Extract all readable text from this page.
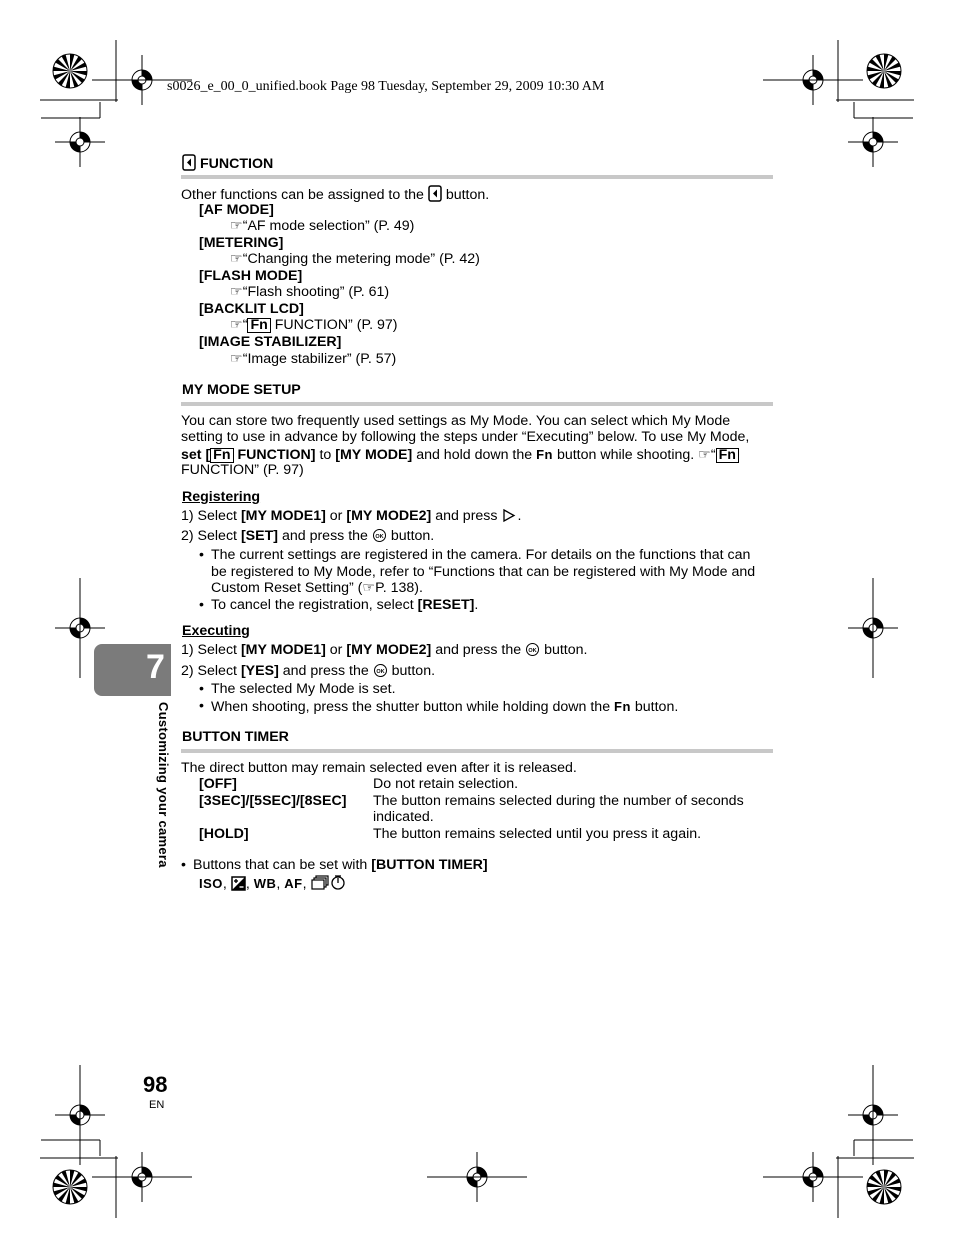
s0026_e_00_0_unified.book Page 98 Tuesday, September 29, 2009 10:30 AM
FUNCTION
Other functions can be assigned to the button.
[AF MODE]
☞“AF mode selection” (P. 49)
[METERING]
☞“Changing the metering mode” (P. 42)
[FLASH MODE]
☞“Flash shooting” (P. 61)
[BACKLIT LCD]
☞“ Fn FUNCTION” (P. 97)
[IMAGE STABILIZER]
☞“Image stabilizer” (P. 57)
MY MODE SETUP
You can store two frequently used settings as My Mode. You can select which My Mode
setting to use in advance by following the steps under “Executing” below. To use My Mode,
set [ Fn FUNCTION] to [MY MODE] and hold down the Fn button while shooting. ☞“ Fn
FUNCTION” (P. 97)
Registering
1) Select [MY MODE1] or [MY MODE2] and press .
2) Select [SET] and press the OK button.
• The current settings are registered in the camera. For details on the functions that can
be registered to My Mode, refer to “Functions that can be registered with My Mode and
Custom Reset Setting” (☞P. 138).
• To cancel the registration, select [RESET].
Executing
1) Select [MY MODE1] or [MY MODE2] and press the OK button.
2) Select [YES] and press the OK button.
• The selected My Mode is set.
• When shooting, press the shutter button while holding down the Fn button.
BUTTON TIMER
The direct button may remain selected even after it is released.
[OFF]	Do not retain selection.
[3SEC]/[5SEC]/[8SEC] The button remains selected during the number of seconds
indicated.
[HOLD]	The button remains selected until you press it again.
• Buttons that can be set with [BUTTON TIMER]
ISO, , WB, AF,
7
Customizing your camera
98
EN
